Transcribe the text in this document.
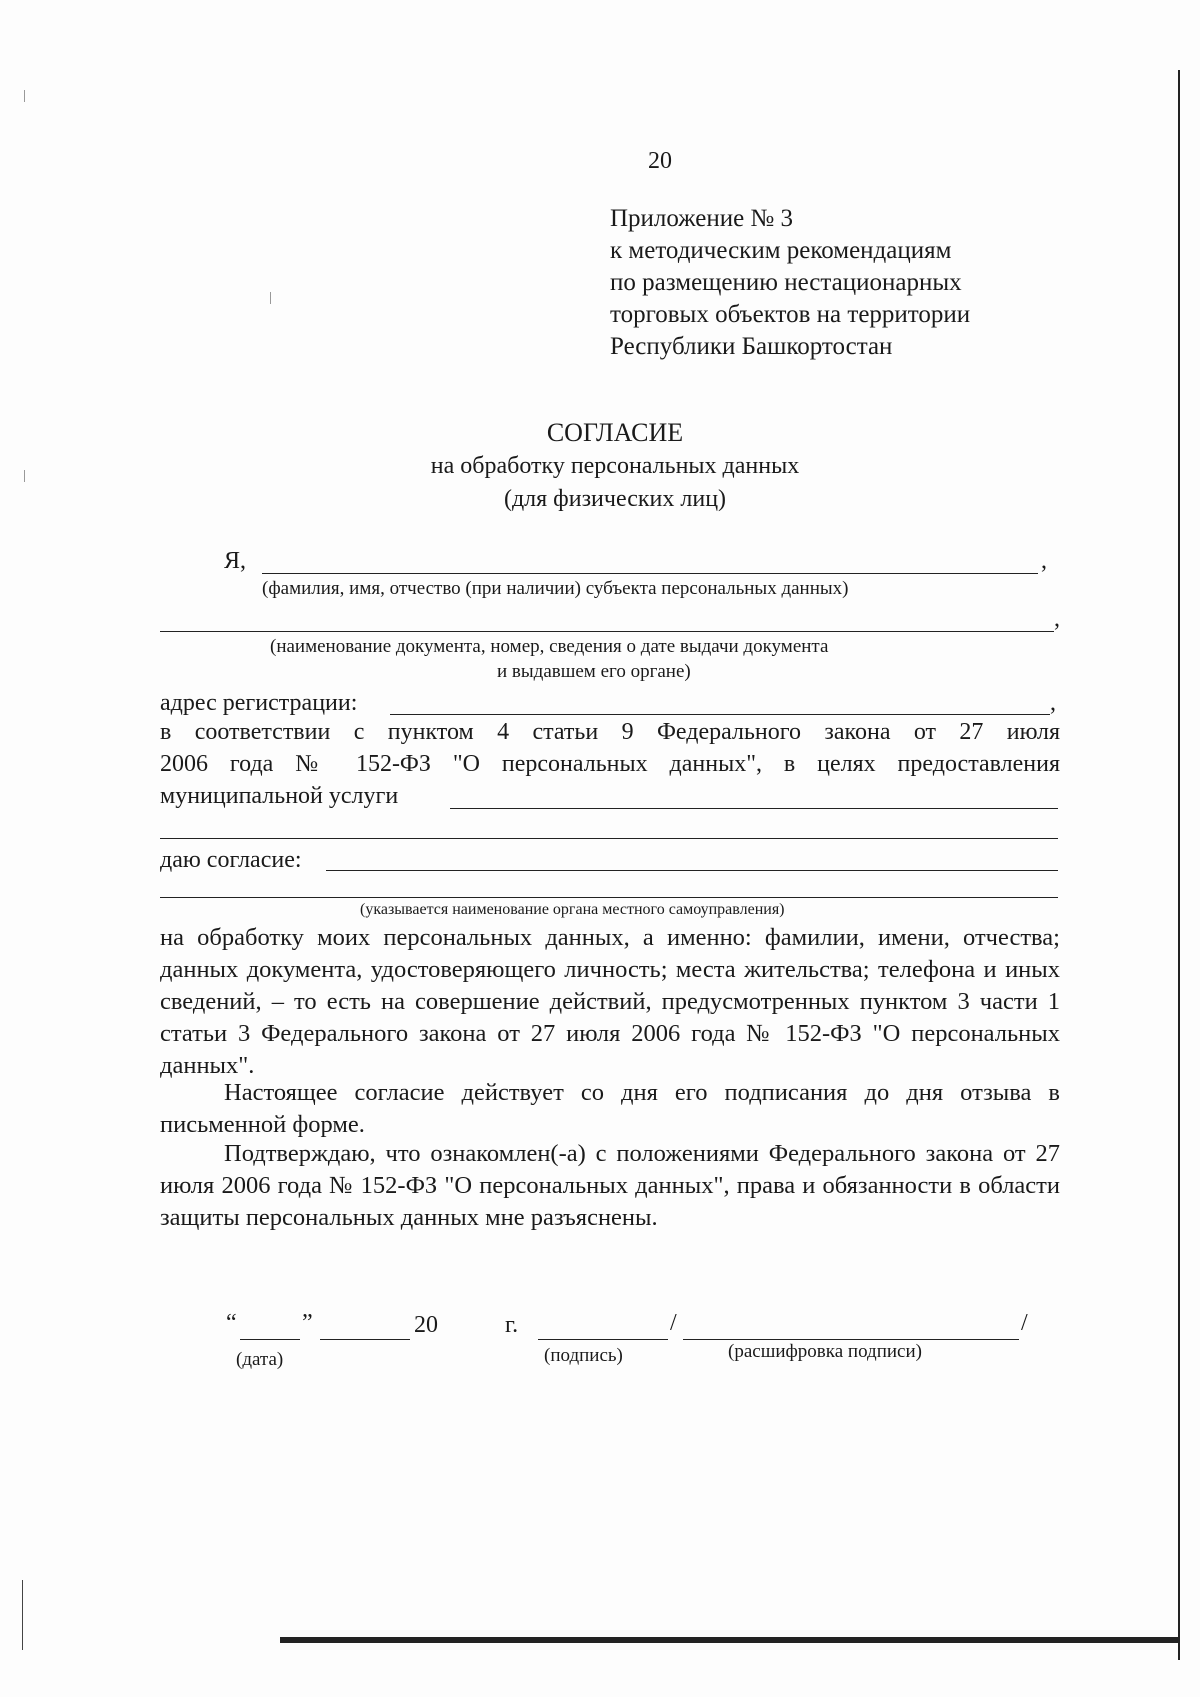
20
Приложение № 3
к методическим рекомендациям
по размещению нестационарных
торговых объектов на территории
Республики Башкортостан
СОГЛАСИЕ
на обработку персональных данных
(для физических лиц)
Я,	,
(фамилия, имя, отчество (при наличии) субъекта персональных данных)
,
(наименование документа, номер, сведения о дате выдачи документа
и выдавшем его органе)
адрес регистрации:	,
в соответствии с пунктом 4 статьи 9 Федерального закона от 27 июля
2006 года № 152-ФЗ "О персональных данных", в целях предоставления
муниципальной услуги
даю согласие:
(указывается наименование органа местного самоуправления)
на обработку моих персональных данных, а именно: фамилии, имени, отчества; данных документа, удостоверяющего личность; места жительства; телефона и иных сведений, – то есть на совершение действий, предусмотренных пунктом 3 части 1 статьи 3 Федерального закона от 27 июля 2006 года № 152-ФЗ "О персональных данных".
Настоящее согласие действует со дня его подписания до дня отзыва в письменной форме.
Подтверждаю, что ознакомлен(-а) с положениями Федерального закона от 27 июля 2006 года № 152-ФЗ "О персональных данных", права и обязанности в области защиты персональных данных мне разъяснены.
“	”	20	г.	/	/
(дата)	(подпись)	(расшифровка подписи)
